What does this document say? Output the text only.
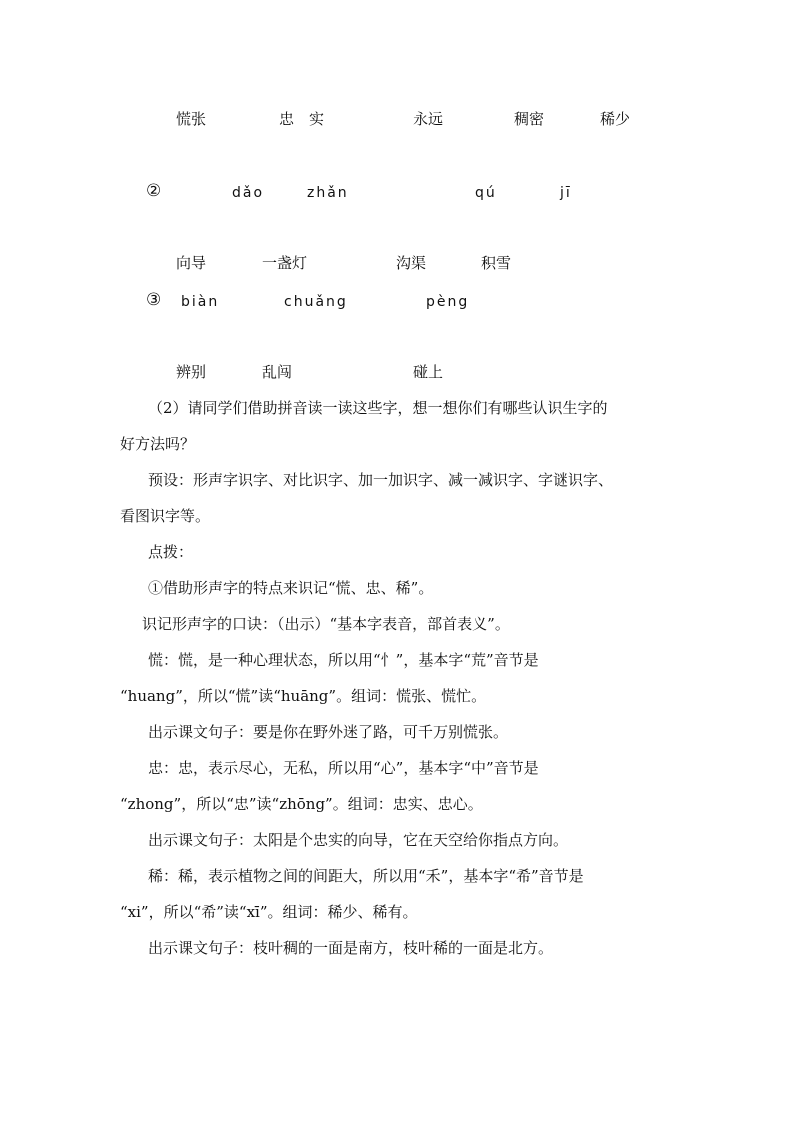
慌张	忠　实	永远	稠密	稀少
②	dǎo	zhǎn	qú	jī
向导	一盏灯	沟渠	积雪
③ biàn	chuǎng	pèng
辨别	乱闯	碰上
（2）请同学们借助拼音读一读这些字，想一想你们有哪些认识生字的
好方法吗？
预设：形声字识字、对比识字、加一加识字、减一减识字、字谜识字、
看图识字等。
点拨：
①借助形声字的特点来识记“慌、忠、稀”。
识记形声字的口诀：（出示）“基本字表音，部首表义”。
慌：慌，是一种心理状态，所以用“忄”，基本字“荒”音节是
“huang”，所以“慌”读“huāng”。组词：慌张、慌忙。
出示课文句子：要是你在野外迷了路，可千万别慌张。
忠：忠，表示尽心，无私，所以用“心”，基本字“中”音节是
“zhong”，所以“忠”读“zhōng”。组词：忠实、忠心。
出示课文句子：太阳是个忠实的向导，它在天空给你指点方向。
稀：稀，表示植物之间的间距大，所以用“禾”，基本字“希”音节是
“xi”，所以“希”读“xī”。组词：稀少、稀有。
出示课文句子：枝叶稠的一面是南方，枝叶稀的一面是北方。
